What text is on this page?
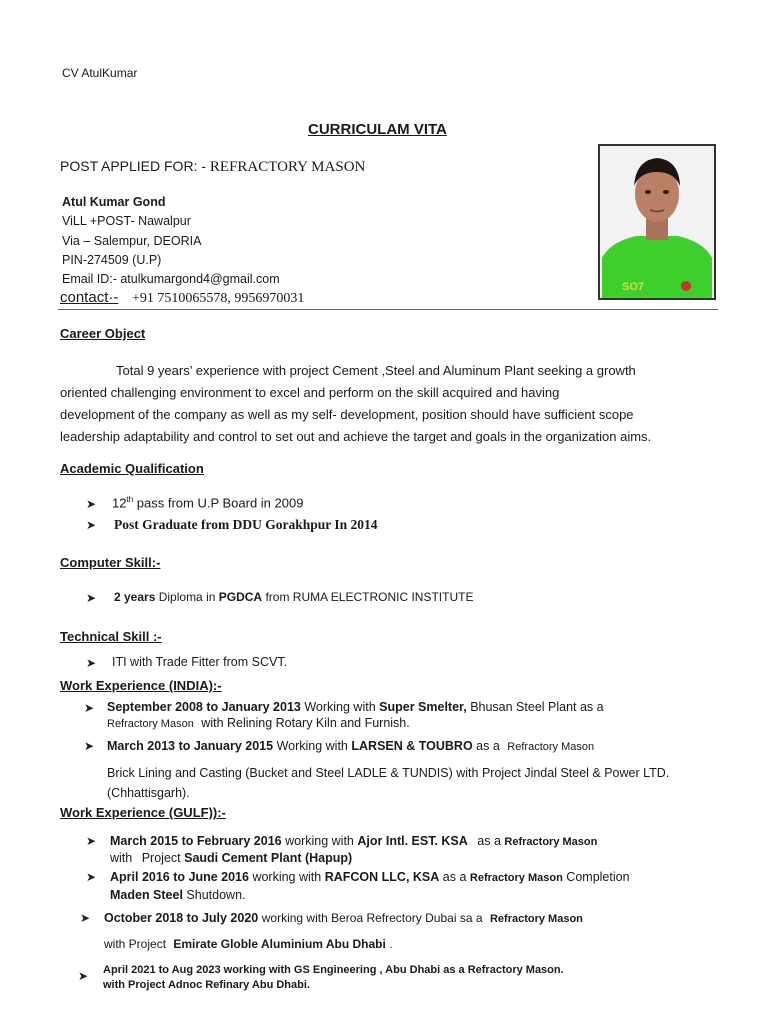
CV AtulKumar
CURRICULAM VITA
POST APPLIED FOR: - REFRACTORY MASON
Atul Kumar Gond
ViLL +POST- Nawalpur
Via – Salempur, DEORIA
PIN-274509 (U.P)
Email ID:- atulkumargond4@gmail.com
contact·- +91 7510065578, 9956970031
SO7
Career Object
Total 9 years’ experience with project Cement ,Steel and Aluminum Plant seeking a growth
oriented challenging environment to excel and perform on the skill acquired and having
development of the company as well as my self- development, position should have sufficient scope
leadership adaptability and control to set out and achieve the target and goals in the organization aims.
Academic Qualification
➤ 12th pass from U.P Board in 2009
➤ Post Graduate from DDU Gorakhpur In 2014
Computer Skill:-
➤ 2 years Diploma in PGDCA from RUMA ELECTRONIC INSTITUTE
Technical Skill :-
➤ ITI with Trade Fitter from SCVT.
Work Experience (INDIA):-
➤ September 2008 to January 2013 Working with Super Smelter, Bhusan Steel Plant as a
Refractory Mason with Relining Rotary Kiln and Furnish.
➤ March 2013 to January 2015 Working with LARSEN & TOUBRO as a Refractory Mason
Brick Lining and Casting (Bucket and Steel LADLE & TUNDIS) with Project Jindal Steel & Power LTD.
(Chhattisgarh).
Work Experience (GULF)):-
➤ March 2015 to February 2016 working with Ajor Intl. EST. KSA as a Refractory Mason
with Project Saudi Cement Plant (Hapup)
➤ April 2016 to June 2016 working with RAFCON LLC, KSA as a Refractory Mason Completion
Maden Steel Shutdown.
➤ October 2018 to July 2020 working with Beroa Refrectory Dubai sa a Refractory Mason
with Project Emirate Globle Aluminium Abu Dhabi .
➤ April 2021 to Aug 2023 working with GS Engineering , Abu Dhabi as a Refractory Mason.
with Project Adnoc Refinary Abu Dhabi.
